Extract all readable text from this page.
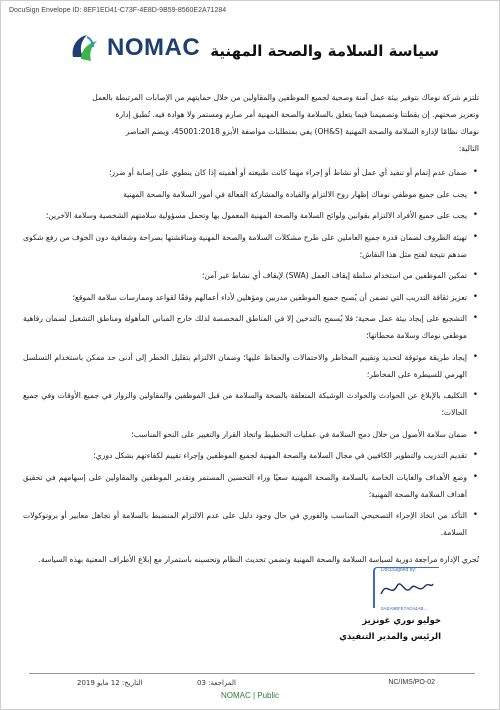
DocuSign Envelope ID: 8EF1ED41-C73F-4E8D-9B59-8560E2A71284
NOMAC سياسة السلامة والصحة المهنية

تلتزم شركة نوماك بتوفير بيئة عمل آمنة وصحية لجميع الموظفين والمقاولين من خلال حمايتهم من الإصابات المرتبطة بالعمل
وتعزيز صحتهم. إن يقظتنا وتصميمنا فيما يتعلق بالسلامة والصحة المهنية أمر صارم ومستمر ولا هوادة فيه. تُطبق إدارة
نوماك نظامًا لإدارة السلامة والصحة المهنية (OH&S) يفي بمتطلبات مواصفة الأيزو 45001:2018، ويضم العناصر
التالية:

• ضمان عدم إتمام أو تنفيذ أي عمل أو نشاط أو إجراء مهما كانت طبيعته أو أهميته إذا كان ينطوي على إصابة أو ضرر؛
• يجب على جميع موظفي نوماك إظهار روح الالتزام والقيادة والمشاركة الفعالة في أمور السلامة والصحة المهنية
• يجب على جميع الأفراد الالتزام بقوانين ولوائح السلامة والصحة المهنية المعمول بها وتحمل مسؤولية سلامتهم الشخصية وسلامة الآخرين؛
• تهيئة الظروف لضمان قدرة جميع العاملين على طرح مشكلات السلامة والصحة المهنية ومناقشتها بصراحة وشفافية دون الخوف من رفع شكوى ضدهم نتيجة لفتح مثل هذا النقاش؛
• تمكين الموظفين من استخدام سلطة إيقاف العمل (SWA) لإيقاف أي نشاط غير آمن؛
• تعزيز ثقافة التدريب التي تضمن أن يُصبح جميع الموظفين مدربين ومؤهلين لأداء أعمالهم وفقًا لقواعد وممارسات سلامة الموقع؛
• التشجيع على إيجاد بيئة عمل صحية؛ فلا يُسمح بالتدخين إلا في المناطق المخصصة لذلك خارج المباني المأهولة ومناطق التشغيل لضمان رفاهية موظفي نوماك وسلامة محطاتها؛
• إيجاد طريقة موثوقة لتحديد وتقييم المخاطر والاحتمالات والحفاظ عليها؛ وضمان الالتزام بتقليل الخطر إلى أدنى حد ممكن باستخدام التسلسل الهرمي للسيطرة على المخاطر؛
• التكليف بالإبلاغ عن الحوادث والحوادث الوشيكة المتعلقة بالصحة والسلامة من قبل الموظفين والمقاولين والزوار في جميع الأوقات وفي جميع الحالات؛
• ضمان سلامة الأصول من خلال دمج السلامة في عمليات التخطيط واتخاذ القرار والتغيير على النحو المناسب؛
• تقديم التدريب والتطوير الكافيين في مجال السلامة والصحة المهنية لجميع الموظفين وإجراء تقييم لكفاءتهم بشكل دوري؛
• وضع الأهداف والغايات الخاصة بالسلامة والصحة المهنية سعيًا وراء التحسين المستمر وتقدير الموظفين والمقاولين على إسهامهم في تحقيق أهداف السلامة والصحة المهنية؛
• التأكد من اتخاذ الإجراء التصحيحي المناسب والفوري في حال وجود دليل على عدم الالتزام المنضبط بالسلامة أو تجاهل معايير أو بروتوكولات السلامة.

تُجري الإدارة مراجعة دورية لسياسة السلامة والصحة المهنية وتضمن تحديث النظام وتحسينه باستمرار مع إبلاغ الأطراف المعنية بهذه السياسة.

DocuSigned by:
0AEA9BFE7AD44AB...
خوليو نوري غونزيز
الرئيس والمدير التنفيذي
NC/IMS/PO-02
المراجعة: 03
التاريخ: 12 مايو 2019
NOMAC | Public
